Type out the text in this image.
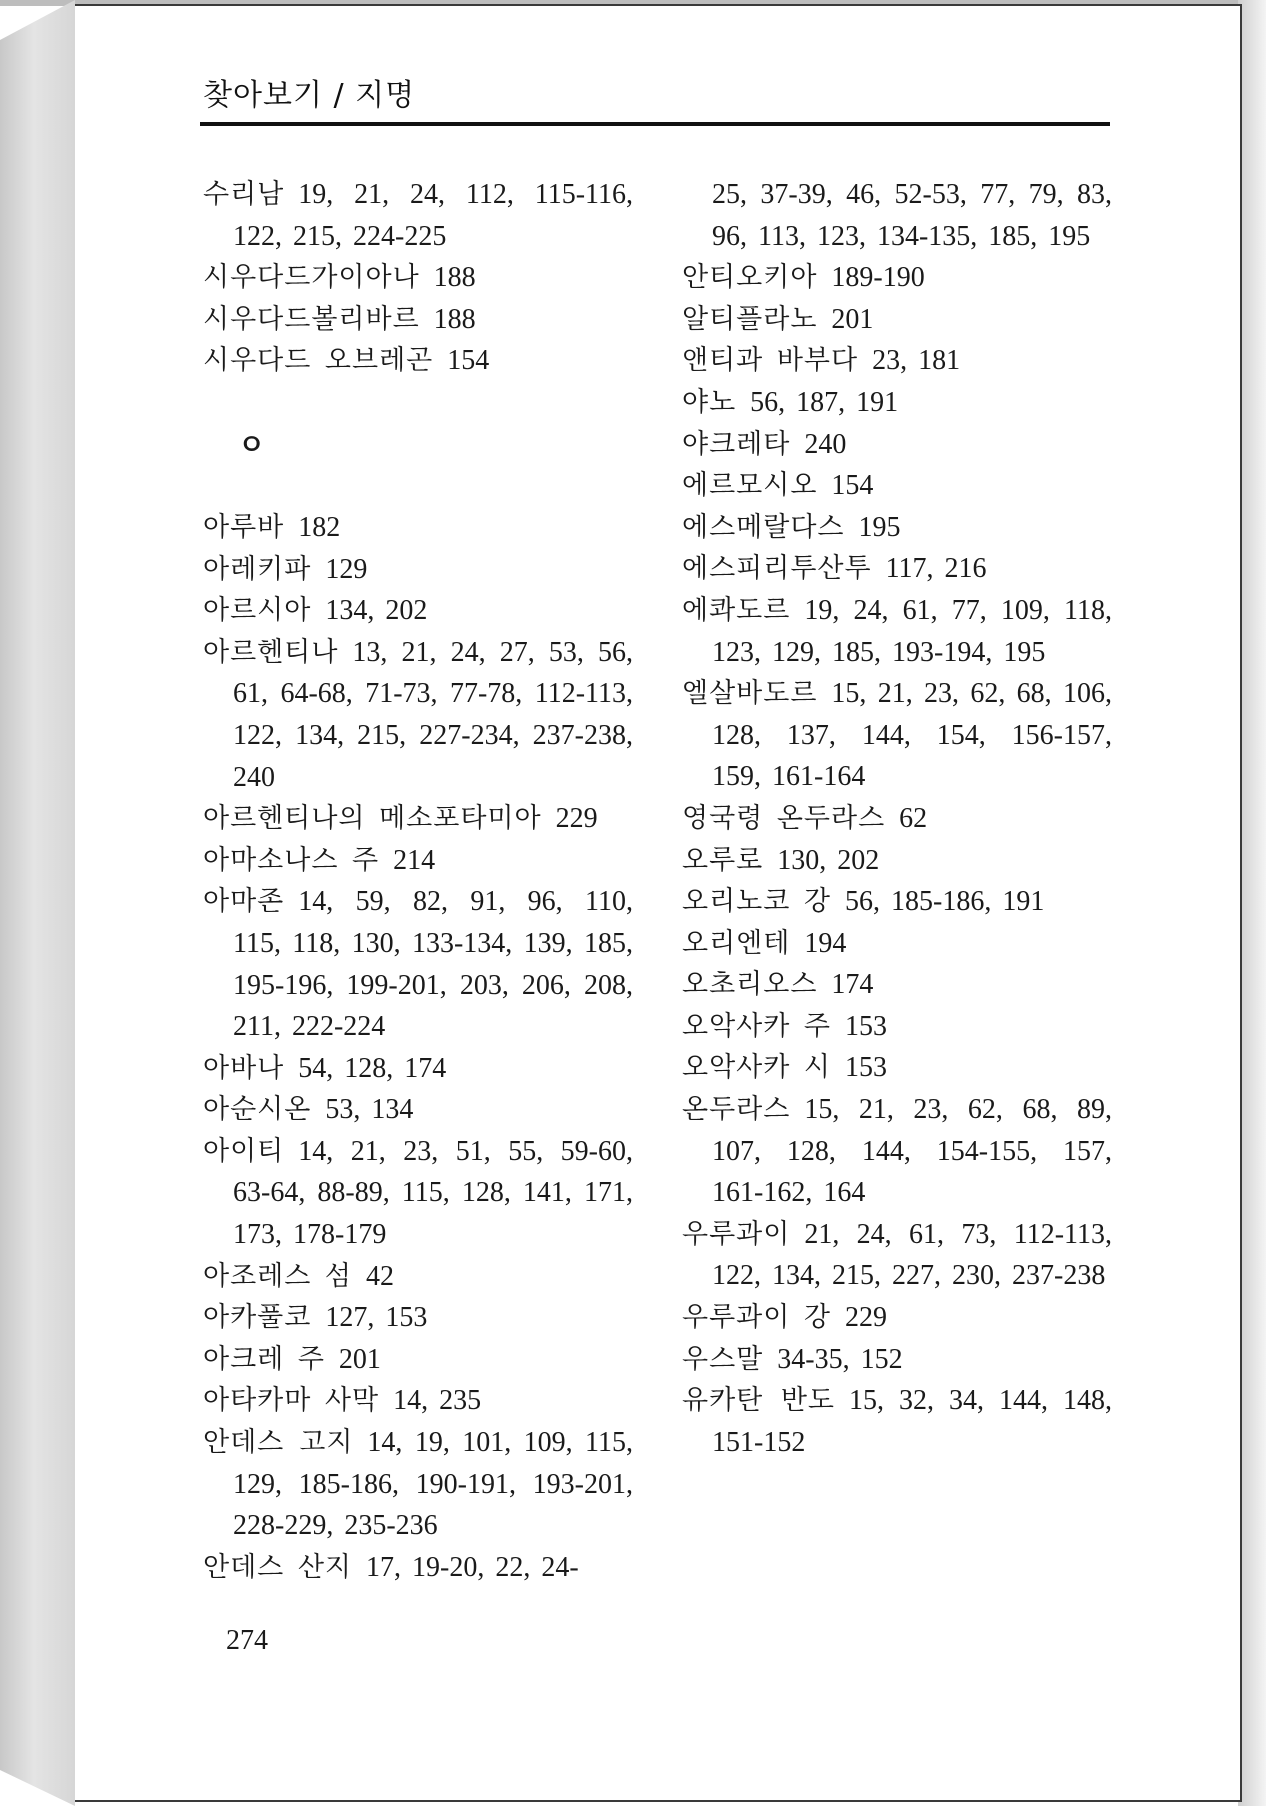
찾아보기 / 지명
수리남 19, 21, 24, 112, 115-116, 122, 215, 224-225
시우다드가이아나 188
시우다드볼리바르 188
시우다드 오브레곤 154
ㅇ
아루바 182
아레키파 129
아르시아 134, 202
아르헨티나 13, 21, 24, 27, 53, 56, 61, 64-68, 71-73, 77-78, 112-113, 122, 134, 215, 227-234, 237-238, 240
아르헨티나의 메소포타미아 229
아마소나스 주 214
아마존 14, 59, 82, 91, 96, 110, 115, 118, 130, 133-134, 139, 185, 195-196, 199-201, 203, 206, 208, 211, 222-224
아바나 54, 128, 174
아순시온 53, 134
아이티 14, 21, 23, 51, 55, 59-60, 63-64, 88-89, 115, 128, 141, 171, 173, 178-179
아조레스 섬 42
아카풀코 127, 153
아크레 주 201
아타카마 사막 14, 235
안데스 고지 14, 19, 101, 109, 115, 129, 185-186, 190-191, 193-201, 228-229, 235-236
안데스 산지 17, 19-20, 22, 24-
25, 37-39, 46, 52-53, 77, 79, 83, 96, 113, 123, 134-135, 185, 195
안티오키아 189-190
알티플라노 201
앤티과 바부다 23, 181
야노 56, 187, 191
야크레타 240
에르모시오 154
에스메랄다스 195
에스피리투산투 117, 216
에콰도르 19, 24, 61, 77, 109, 118, 123, 129, 185, 193-194, 195
엘살바도르 15, 21, 23, 62, 68, 106, 128, 137, 144, 154, 156-157, 159, 161-164
영국령 온두라스 62
오루로 130, 202
오리노코 강 56, 185-186, 191
오리엔테 194
오초리오스 174
오악사카 주 153
오악사카 시 153
온두라스 15, 21, 23, 62, 68, 89, 107, 128, 144, 154-155, 157, 161-162, 164
우루과이 21, 24, 61, 73, 112-113, 122, 134, 215, 227, 230, 237-238
우루과이 강 229
우스말 34-35, 152
유카탄 반도 15, 32, 34, 144, 148, 151-152
274
